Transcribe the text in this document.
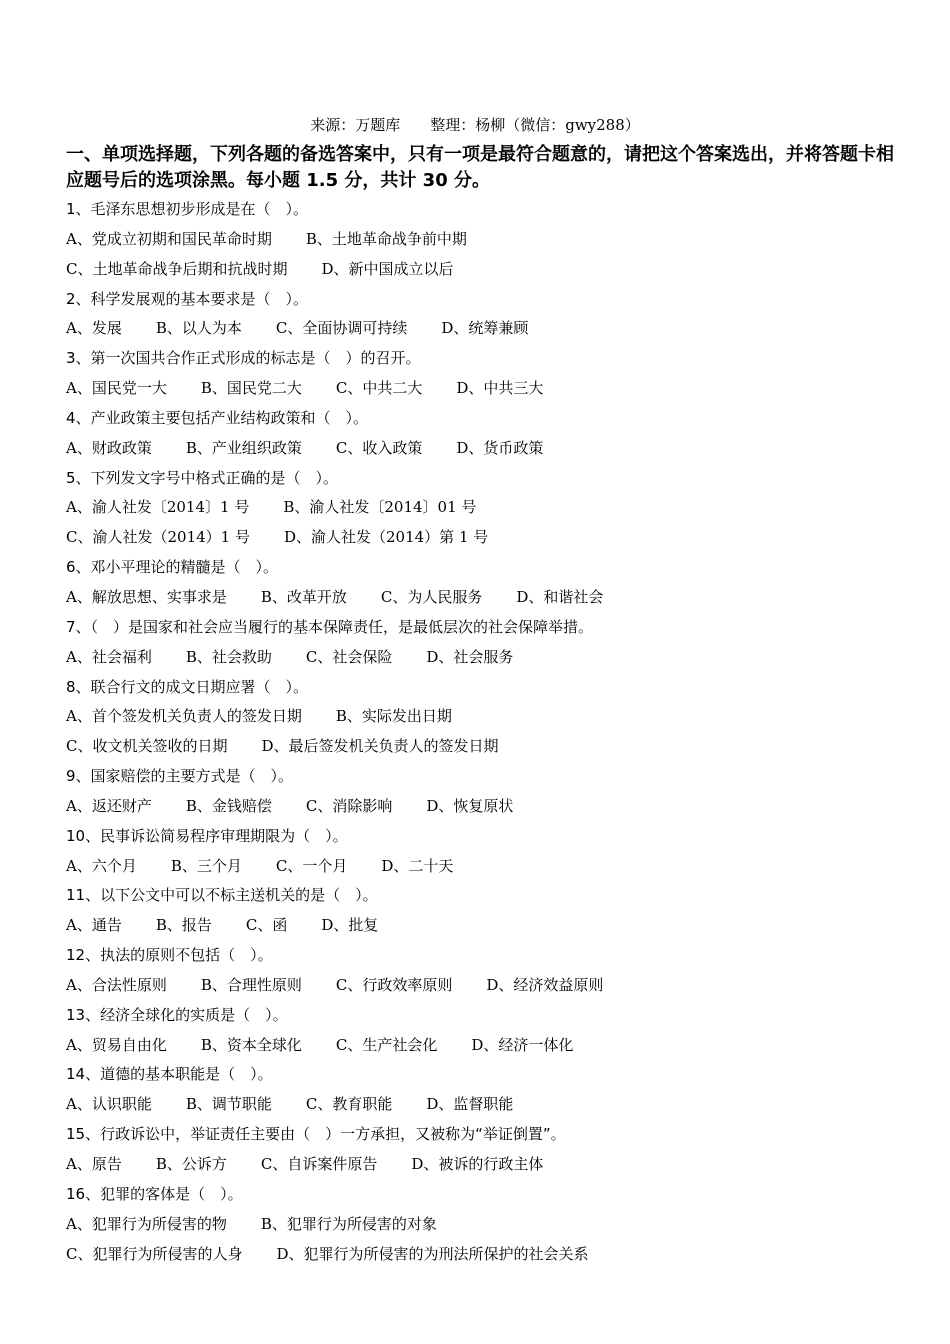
来源：万题库　　整理：杨柳（微信：gwy288）
一、单项选择题，下列各题的备选答案中，只有一项是最符合题意的，请把这个答案选出，并将答题卡相应题号后的选项涂黑。每小题 1.5 分，共计 30 分。
1、毛泽东思想初步形成是在（　）。
A、党成立初期和国民革命时期 B、土地革命战争前中期
C、土地革命战争后期和抗战时期 D、新中国成立以后
2、科学发展观的基本要求是（　）。
A、发展 B、以人为本 C、全面协调可持续 D、统筹兼顾
3、第一次国共合作正式形成的标志是（　）的召开。
A、国民党一大 B、国民党二大 C、中共二大 D、中共三大
4、产业政策主要包括产业结构政策和（　）。
A、财政政策 B、产业组织政策 C、收入政策 D、货币政策
5、下列发文字号中格式正确的是（　）。
A、渝人社发〔2014〕1 号 B、渝人社发〔2014〕01 号
C、渝人社发（2014）1 号 D、渝人社发（2014）第 1 号
6、邓小平理论的精髓是（　）。
A、解放思想、实事求是 B、改革开放 C、为人民服务 D、和谐社会
7、（　）是国家和社会应当履行的基本保障责任，是最低层次的社会保障举措。
A、社会福利 B、社会救助 C、社会保险 D、社会服务
8、联合行文的成文日期应署（　）。
A、首个签发机关负责人的签发日期 B、实际发出日期
C、收文机关签收的日期 D、最后签发机关负责人的签发日期
9、国家赔偿的主要方式是（　）。
A、返还财产 B、金钱赔偿 C、消除影响 D、恢复原状
10、民事诉讼简易程序审理期限为（　）。
A、六个月 B、三个月 C、一个月 D、二十天
11、以下公文中可以不标主送机关的是（　）。
A、通告 B、报告 C、函 D、批复
12、执法的原则不包括（　）。
A、合法性原则 B、合理性原则 C、行政效率原则 D、经济效益原则
13、经济全球化的实质是（　）。
A、贸易自由化 B、资本全球化 C、生产社会化 D、经济一体化
14、道德的基本职能是（　）。
A、认识职能 B、调节职能 C、教育职能 D、监督职能
15、行政诉讼中，举证责任主要由（　）一方承担，又被称为“举证倒置”。
A、原告 B、公诉方 C、自诉案件原告 D、被诉的行政主体
16、犯罪的客体是（　）。
A、犯罪行为所侵害的物 B、犯罪行为所侵害的对象
C、犯罪行为所侵害的人身 D、犯罪行为所侵害的为刑法所保护的社会关系
